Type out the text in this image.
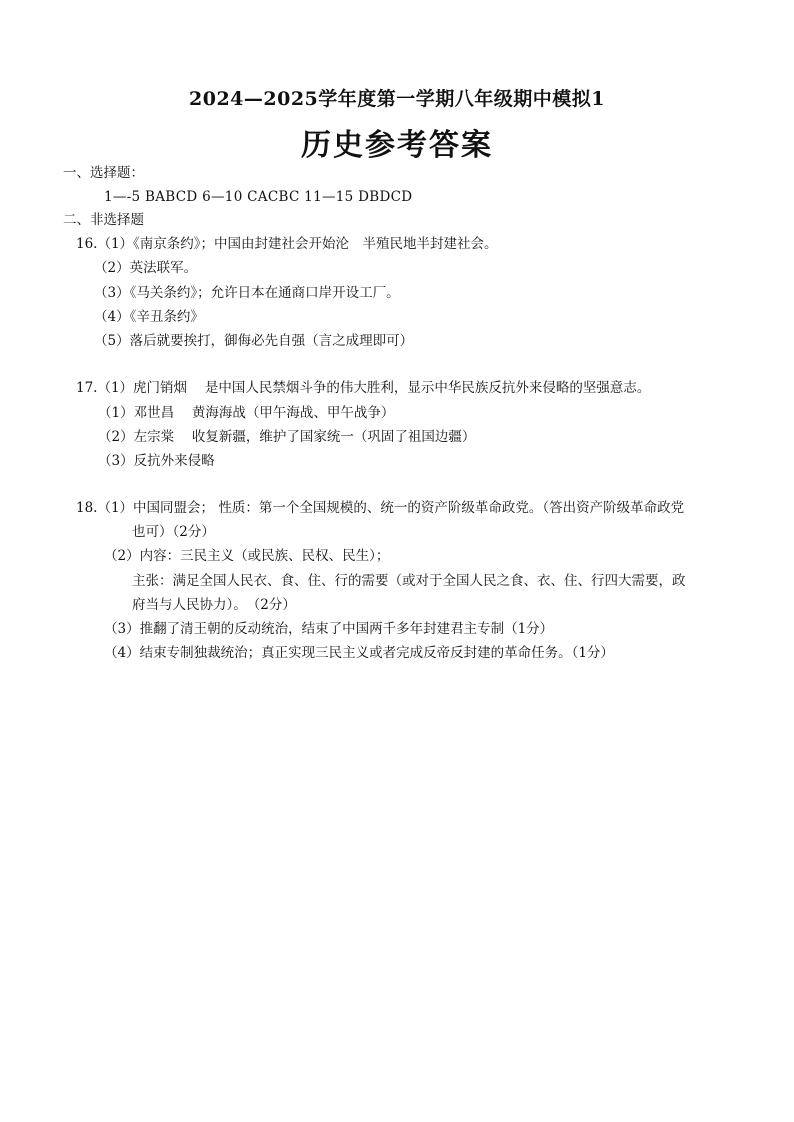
2024—2025学年度第一学期八年级期中模拟1
历史参考答案
一、选择题：
1—-5 BABCD 6—10 CACBC 11—15 DBDCD
二、非选择题
16.（1）《南京条约》；中国由封建社会开始沦　半殖民地半封建社会。
（2）英法联军。
（3）《马关条约》；允许日本在通商口岸开设工厂。
（4）《辛丑条约》
（5）落后就要挨打，御侮必先自强（言之成理即可）
17.（1）虎门销烟　 是中国人民禁烟斗争的伟大胜利，显示中华民族反抗外来侵略的坚强意志。
（1）邓世昌　 黄海海战（甲午海战、甲午战争）
（2）左宗棠　 收复新疆，维护了国家统一（巩固了祖国边疆）
（3）反抗外来侵略
18.（1）中国同盟会； 性质：第一个全国规模的、统一的资产阶级革命政党。（答出资产阶级革命政党
也可）（2分）
（2）内容：三民主义（或民族、民权、民生）；
主张：满足全国人民衣、食、住、行的需要（或对于全国人民之食、衣、住、行四大需要，政
府当与人民协力）。　（2分）
（3）推翻了清王朝的反动统治，结束了中国两千多年封建君主专制（1分）
（4）结束专制独裁统治；真正实现三民主义或者完成反帝反封建的革命任务。（1分）
